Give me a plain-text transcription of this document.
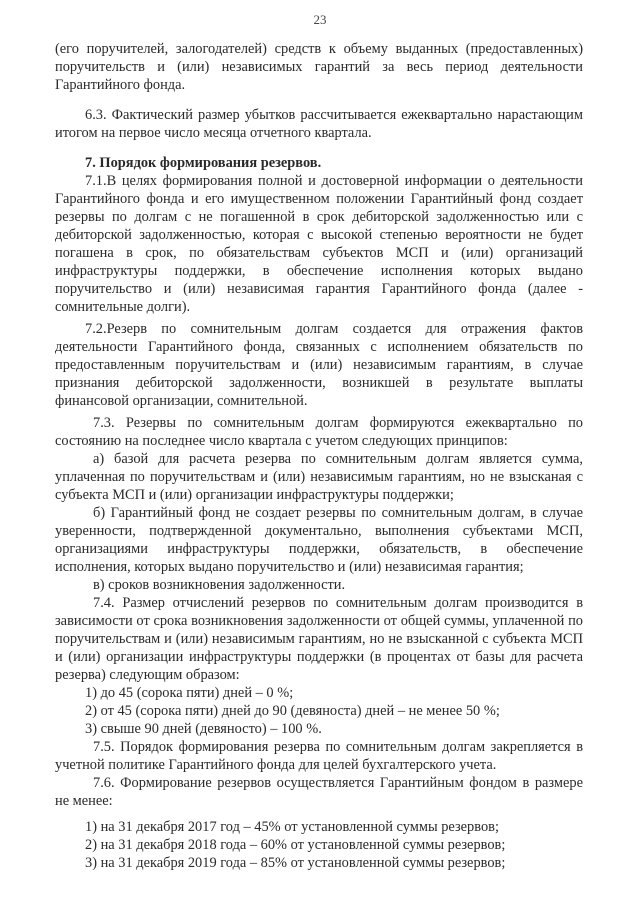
23

(его поручителей, залогодателей) средств к объему выданных (предоставленных) поручительств и (или) независимых гарантий за весь период деятельности Гарантийного фонда.

6.3. Фактический размер убытков рассчитывается ежеквартально нарастающим итогом на первое число месяца отчетного квартала.

7. Порядок формирования резервов.

7.1.В целях формирования полной и достоверной информации о деятельности Гарантийного фонда и его имущественном положении Гарантийный фонд создает резервы по долгам с не погашенной в срок дебиторской задолженностью или с дебиторской задолженностью, которая с высокой степенью вероятности не будет погашена в срок, по обязательствам субъектов МСП и (или) организаций инфраструктуры поддержки, в обеспечение исполнения которых выдано поручительство и (или) независимая гарантия Гарантийного фонда (далее - сомнительные долги).

7.2.Резерв по сомнительным долгам создается для отражения фактов деятельности Гарантийного фонда, связанных с исполнением обязательств по предоставленным поручительствам и (или) независимым гарантиям, в случае признания дебиторской задолженности, возникшей в результате выплаты финансовой организации, сомнительной.

7.3. Резервы по сомнительным долгам формируются ежеквартально по состоянию на последнее число квартала с учетом следующих принципов:

а) базой для расчета резерва по сомнительным долгам является сумма, уплаченная по поручительствам и (или) независимым гарантиям, но не взысканая с субъекта МСП и (или) организации инфраструктуры поддержки;

б) Гарантийный фонд не создает резервы по сомнительным долгам, в случае уверенности, подтвержденной документально, выполнения субъектами МСП, организациями инфраструктуры поддержки, обязательств, в обеспечение исполнения, которых выдано поручительство и (или) независимая гарантия;

в) сроков возникновения задолженности.

7.4. Размер отчислений резервов по сомнительным долгам производится в зависимости от срока возникновения задолженности от общей суммы, уплаченной по поручительствам и (или) независимым гарантиям, но не взысканной с субъекта МСП и (или) организации инфраструктуры поддержки (в процентах от базы для расчета резерва) следующим образом:

1) до 45 (сорока пяти) дней – 0 %;

2) от 45 (сорока пяти) дней до 90 (девяноста) дней – не менее 50 %;

3) свыше 90 дней (девяносто) – 100 %.

7.5. Порядок формирования резерва по сомнительным долгам закрепляется в учетной политике Гарантийного фонда для целей бухгалтерского учета.

7.6. Формирование резервов осуществляется Гарантийным фондом в размере не менее:

1) на 31 декабря 2017 год – 45% от установленной суммы резервов;

2) на 31 декабря 2018 года – 60% от установленной суммы резервов;

3) на 31 декабря 2019 года – 85% от установленной суммы резервов;
